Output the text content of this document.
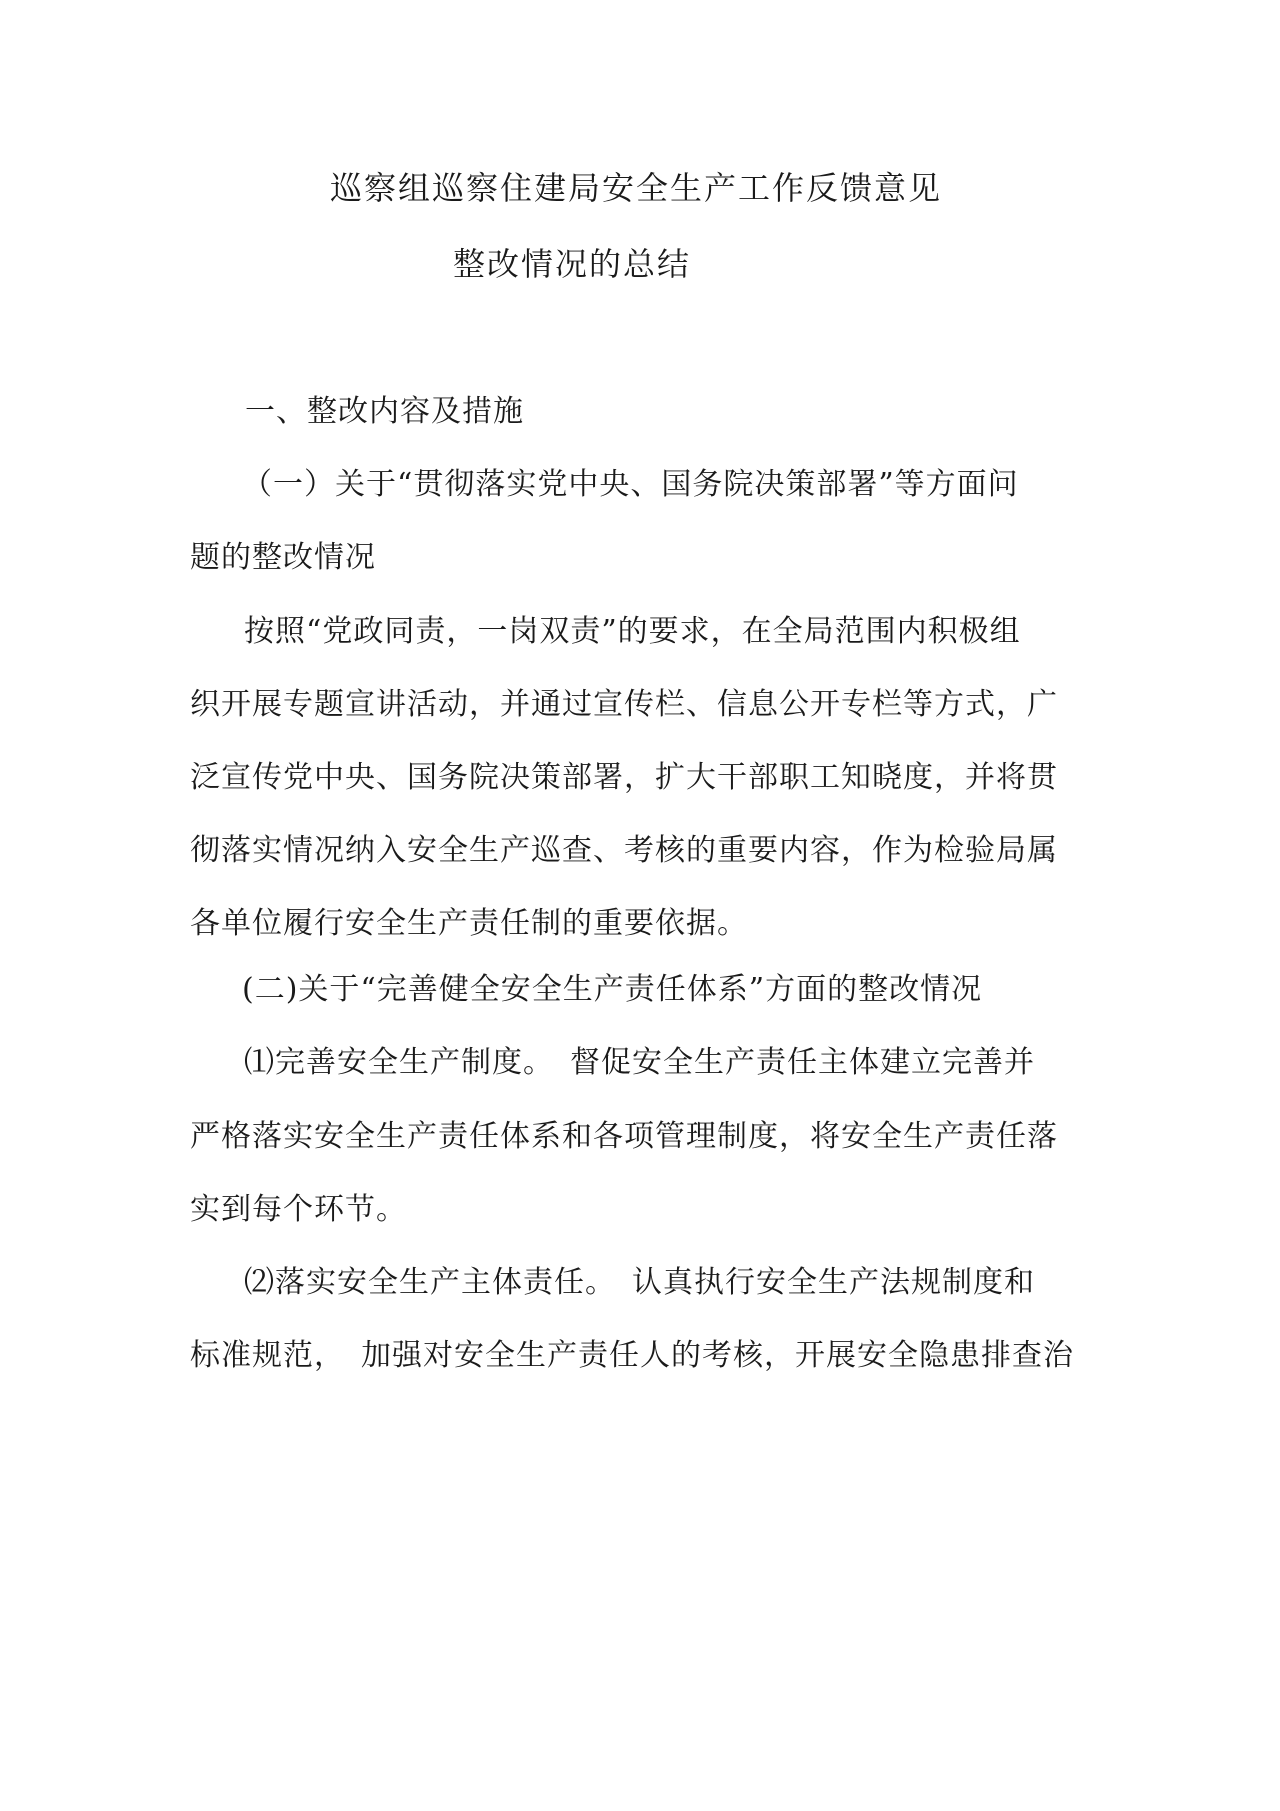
巡察组巡察住建局安全生产工作反馈意见
整改情况的总结
一、整改内容及措施
（一）关于“贯彻落实党中央、国务院决策部署”等方面问
题的整改情况
按照“党政同责，一岗双责”的要求，在全局范围内积极组
织开展专题宣讲活动，并通过宣传栏、信息公开专栏等方式，广
泛宣传党中央、国务院决策部署，扩大干部职工知晓度，并将贯
彻落实情况纳入安全生产巡查、考核的重要内容，作为检验局属
各单位履行安全生产责任制的重要依据。
(二)关于“完善健全安全生产责任体系”方面的整改情况
⑴完善安全生产制度。　督促安全生产责任主体建立完善并
严格落实安全生产责任体系和各项管理制度，将安全生产责任落
实到每个环节。
⑵落实安全生产主体责任。　认真执行安全生产法规制度和
标准规范，　加强对安全生产责任人的考核，开展安全隐患排查治
